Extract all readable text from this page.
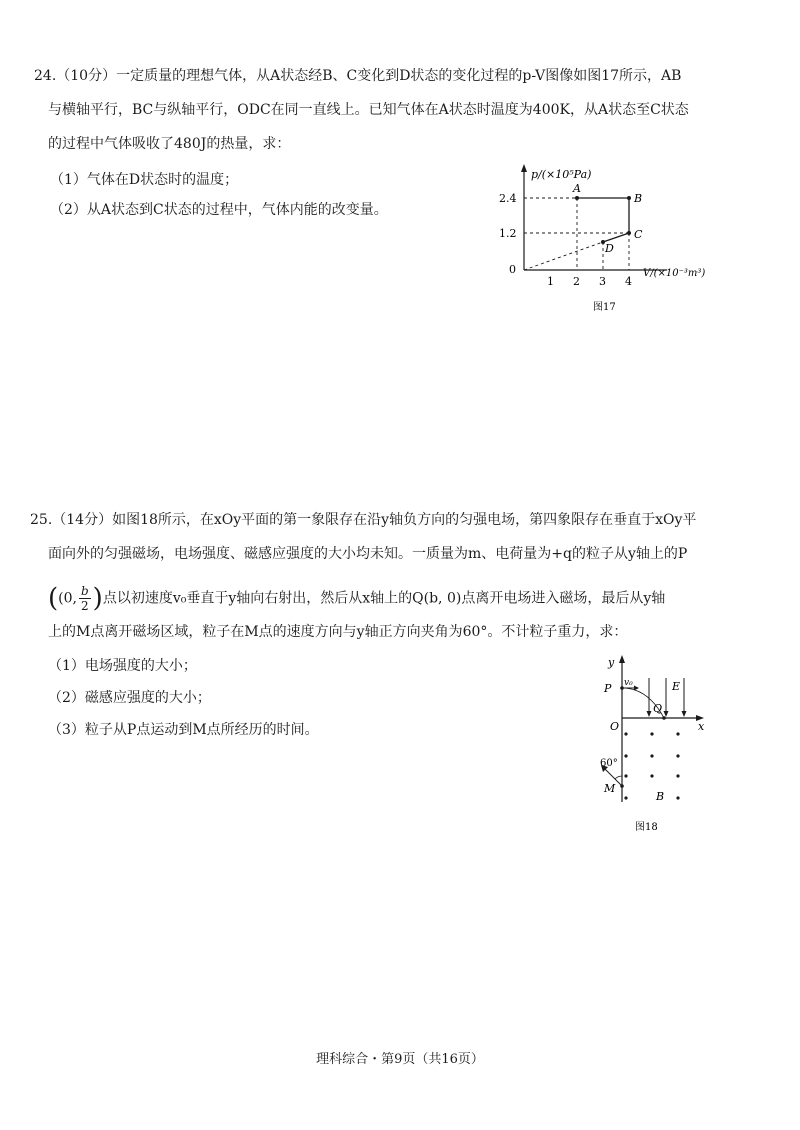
24.（10分）一定质量的理想气体，从A状态经B、C变化到D状态的变化过程的p-V图像如图17所示，AB
与横轴平行，BC与纵轴平行，ODC在同一直线上。已知气体在A状态时温度为400K，从A状态至C状态
的过程中气体吸收了480J的热量，求：
（1）气体在D状态时的温度；
（2）从A状态到C状态的过程中，气体内能的改变量。
p/(×10⁵Pa)
V/(×10⁻³m³)
0
2.4
1.2
1 2 3 4
A
B
C
D
图17
25.（14分）如图18所示，在xOy平面的第一象限存在沿y轴负方向的匀强电场，第四象限存在垂直于xOy平
面向外的匀强磁场，电场强度、磁感应强度的大小均未知。一质量为m、电荷量为+q的粒子从y轴上的P
((0, $\frac{b}{2}$ )点以初速度v₀垂直于y轴向右射出，然后从x轴上的Q(b, 0)点离开电场进入磁场，最后从y轴
上的M点离开磁场区域，粒子在M点的速度方向与y轴正方向夹角为60°。不计粒子重力，求：
（1）电场强度的大小；
（2）磁感应强度的大小；
（3）粒子从P点运动到M点所经历的时间。
y
x
O
P v₀	E
Q
B
M
60°
图18
理科综合・第9页（共16页）
